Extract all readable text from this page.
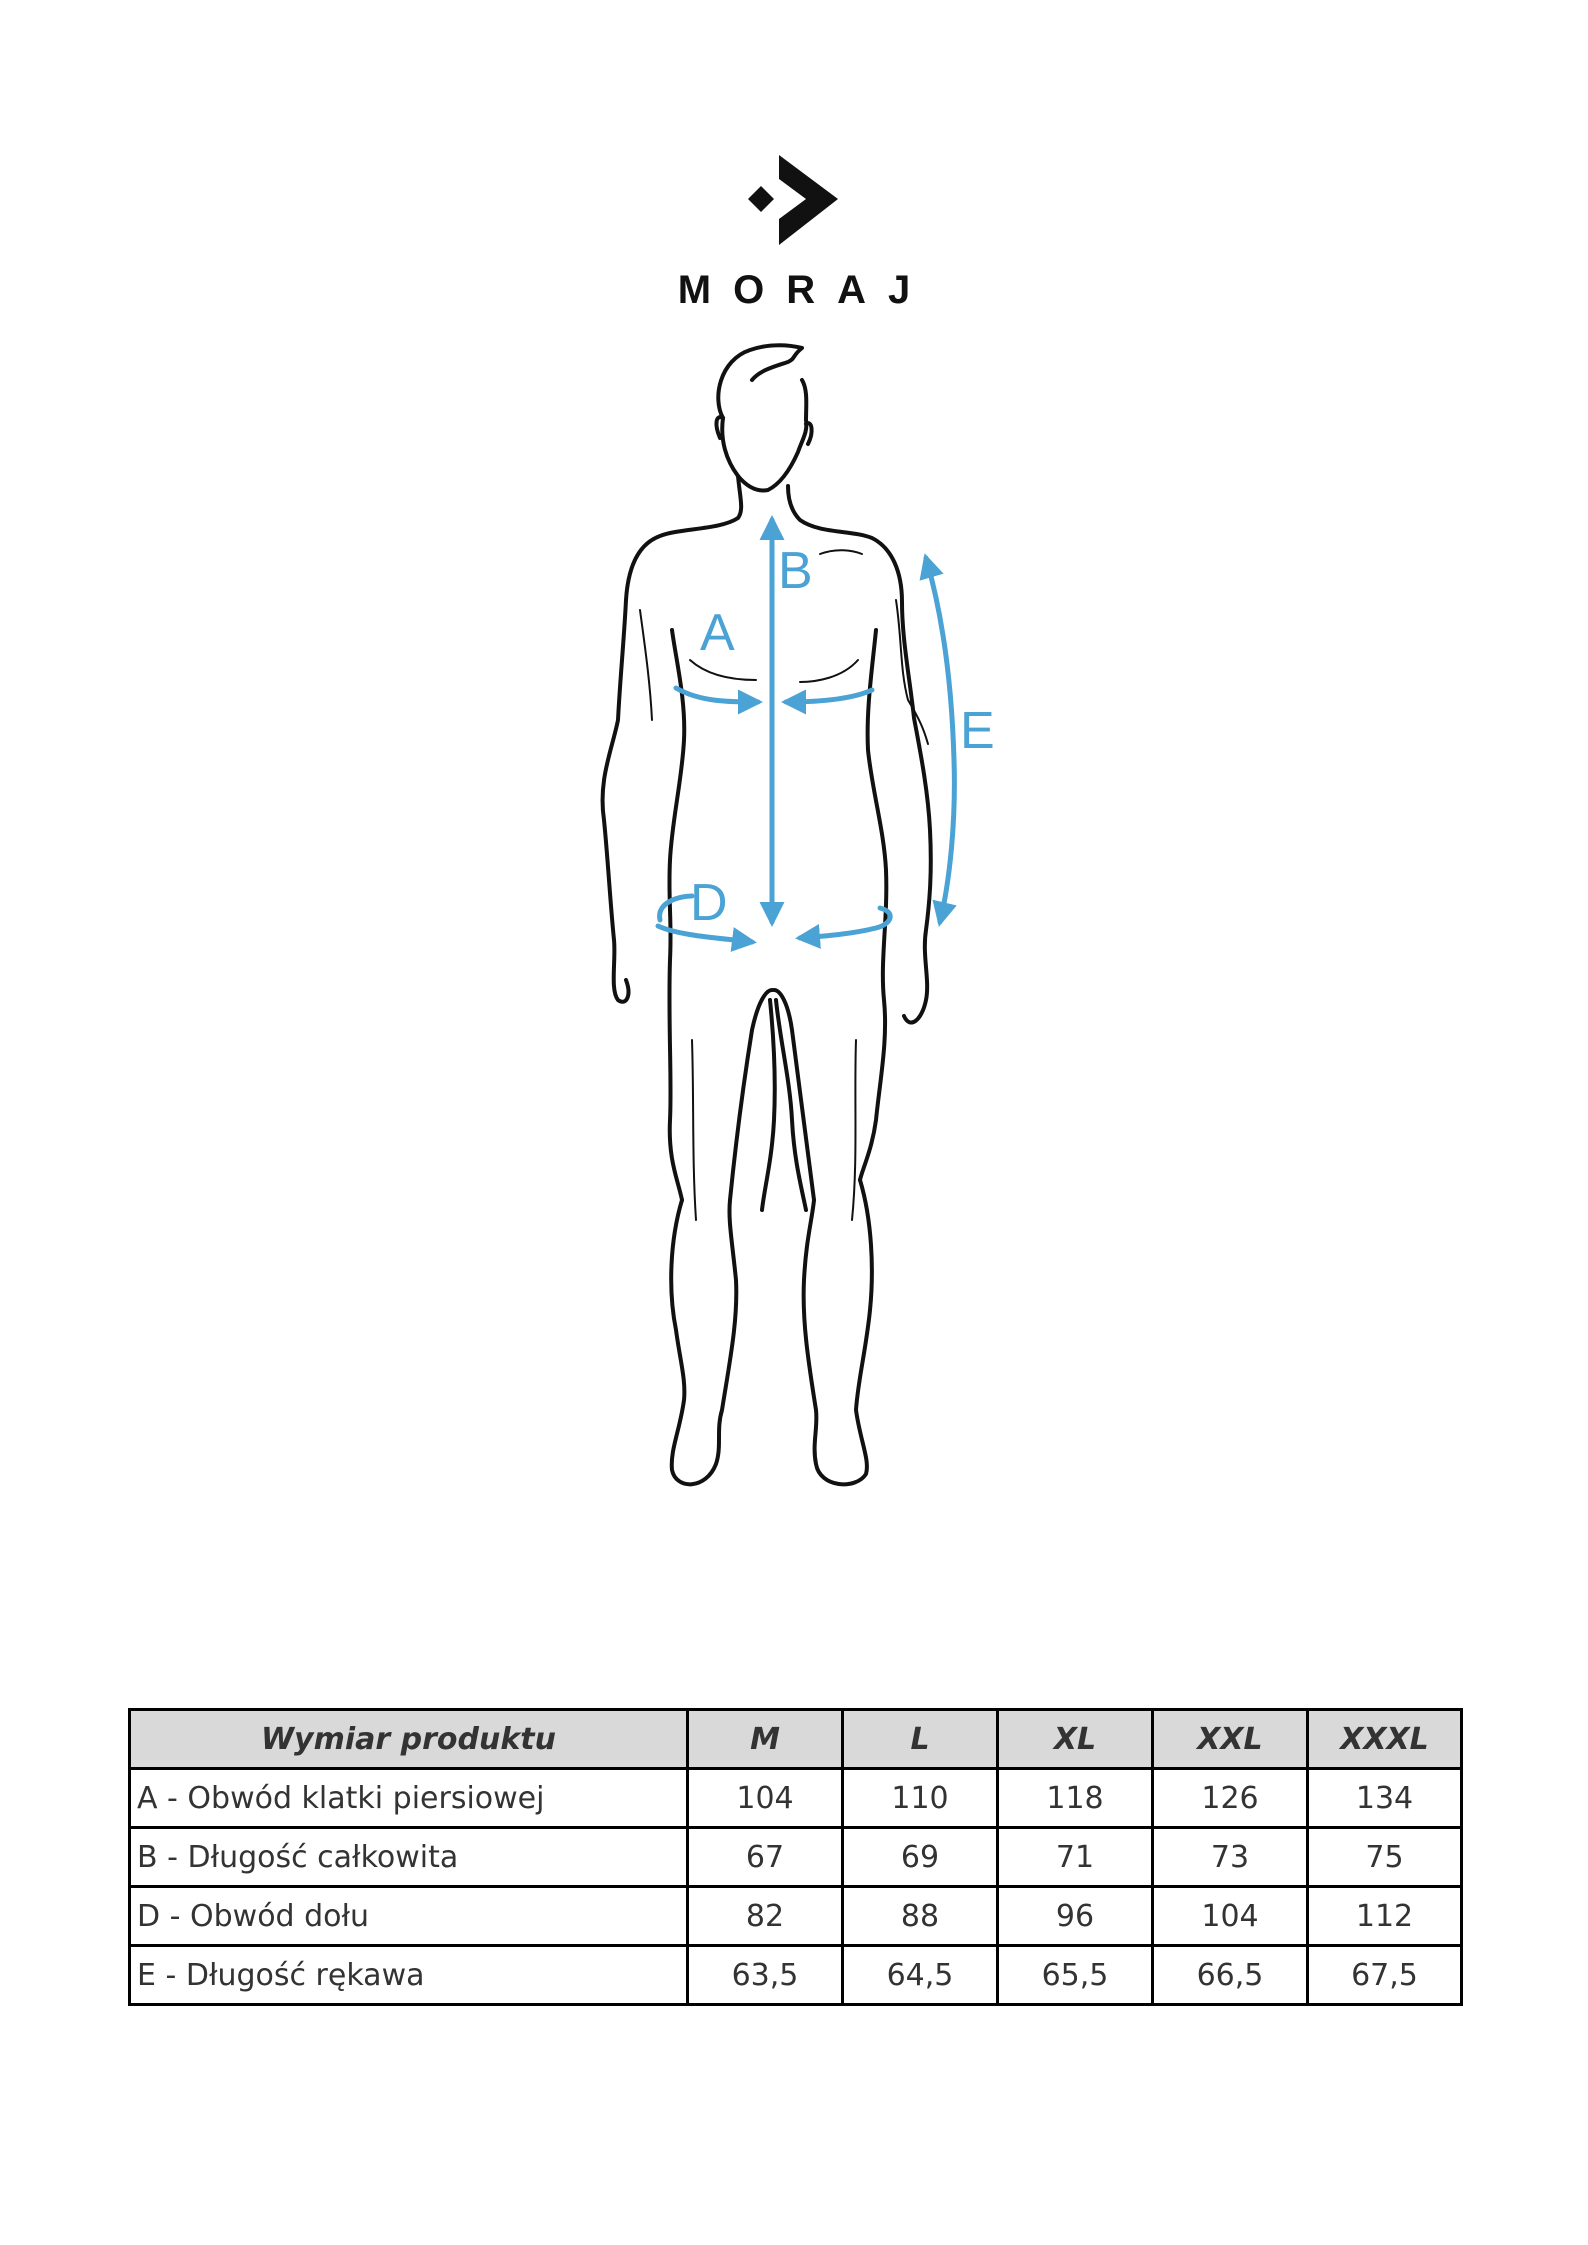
MORAJ
B
A
D
E
Wymiar produktu	M	L	XL	XXL	XXXL
A - Obwód klatki piersiowej	104	110	118	126	134
B - Długość całkowita	67	69	71	73	75
D - Obwód dołu	82	88	96	104	112
E - Długość rękawa	63,5	64,5	65,5	66,5	67,5
